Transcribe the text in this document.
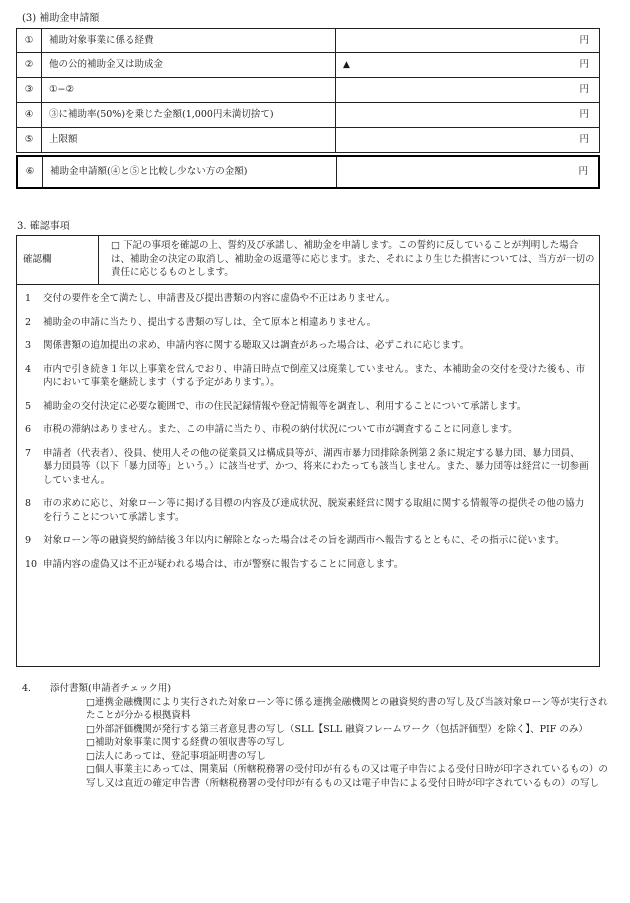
(3) 補助金申請額
①	補助対象事業に係る経費	円
②	他の公的補助金又は助成金	▲	円
③	①−②	円
④	③に補助率(50%)を乗じた金額(1,000円未満切捨て)	円
⑤	上限額	円
⑥	補助金申請額(④と⑤と比較し少ない方の金額)	円
3. 確認事項
確認欄
□ 下記の事項を確認の上、誓約及び承諾し、補助金を申請します。この誓約に反していることが判明した場合は、補助金の決定の取消し、補助金の返還等に応じます。また、それにより生じた損害については、当方が一切の責任に応じるものとします。
1 交付の要件を全て満たし、申請書及び提出書類の内容に虚偽や不正はありません。
2 補助金の申請に当たり、提出する書類の写しは、全て原本と相違ありません。
3 関係書類の追加提出の求め、申請内容に関する聴取又は調査があった場合は、必ずこれに応じます。
4 市内で引き続き１年以上事業を営んでおり、申請日時点で倒産又は廃業していません。また、本補助金の交付を受けた後も、市内において事業を継続します（する予定があります。）。
5 補助金の交付決定に必要な範囲で、市の住民記録情報や登記情報等を調査し、利用することについて承諾します。
6 市税の滞納はありません。また、この申請に当たり、市税の納付状況について市が調査することに同意します。
7 申請者（代表者）、役員、使用人その他の従業員又は構成員等が、湖西市暴力団排除条例第２条に規定する暴力団、暴力団員、暴力団員等（以下「暴力団等」という。）に該当せず、かつ、将来にわたっても該当しません。また、暴力団等は経営に一切参画していません。
8 市の求めに応じ、対象ローン等に掲げる目標の内容及び達成状況、脱炭素経営に関する取組に関する情報等の提供その他の協力を行うことについて承諾します。
9 対象ローン等の融資契約締結後３年以内に解除となった場合はその旨を湖西市へ報告するとともに、その指示に従います。
10 申請内容の虚偽又は不正が疑われる場合は、市が警察に報告することに同意します。
4. 添付書類(申請者チェック用)
□連携金融機関により実行された対象ローン等に係る連携金融機関との融資契約書の写し及び当該対象ローン等が実行されたことが分かる根拠資料
□外部評価機関が発行する第三者意見書の写し（SLL【SLL 融資フレームワーク（包括評価型）を除く】、PIF のみ）
□補助対象事業に関する経費の領収書等の写し
□法人にあっては、登記事項証明書の写し
□個人事業主にあっては、開業届（所轄税務署の受付印が有るもの又は電子申告による受付日時が印字されているもの）の写し又は直近の確定申告書（所轄税務署の受付印が有るもの又は電子申告による受付日時が印字されているもの）の写し
